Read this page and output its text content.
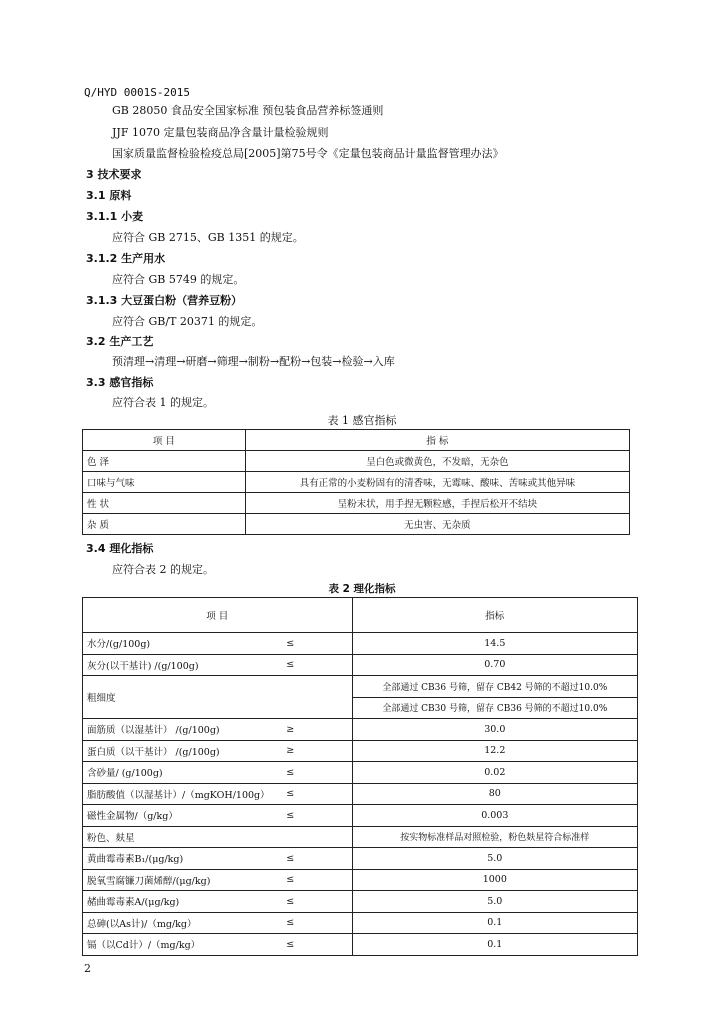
Q/HYD 0001S-2015
GB 28050 食品安全国家标准 预包装食品营养标签通则
JJF 1070 定量包装商品净含量计量检验规则
国家质量监督检验检疫总局[2005]第75号令《定量包装商品计量监督管理办法》
3 技术要求
3.1 原料
3.1.1 小麦
应符合 GB 2715、GB 1351 的规定。
3.1.2 生产用水
应符合 GB 5749 的规定。
3.1.3 大豆蛋白粉（营养豆粉）
应符合 GB/T 20371 的规定。
3.2 生产工艺
预清理→清理→研磨→筛理→制粉→配粉→包装→检验→入库
3.3 感官指标
应符合表 1 的规定。
表 1 感官指标
项 目	指 标
色 泽	呈白色或微黄色，不发暗，无杂色
口味与气味	具有正常的小麦粉固有的清香味，无霉味、酸味、苦味或其他异味
性 状	呈粉末状，用手捏无颗粒感，手捏后松开不结块
杂 质	无虫害、无杂质
3.4 理化指标
应符合表 2 的规定。
表 2 理化指标
项 目		指标
水分/(g/100g)	≤	14.5
灰分(以干基计) /(g/100g)	≤	0.70
粗细度		全部通过 CB36 号筛，留存 CB42 号筛的不超过10.0%
		全部通过 CB30 号筛，留存 CB36 号筛的不超过10.0%
面筋质（以湿基计） /(g/100g)	≥	30.0
蛋白质（以干基计） /(g/100g)	≥	12.2
含砂量/ (g/100g)	≤	0.02
脂肪酸值（以湿基计）/（mgKOH/100g）	≤	80
磁性金属物/（g/kg）	≤	0.003
粉色、麸星		按实物标准样品对照检验，粉色麸星符合标准样
黄曲霉毒素B₁/(μg/kg)	≤	5.0
脱氧雪腐镰刀菌烯醇/(μg/kg)	≤	1000
赭曲霉毒素A/(μg/kg)	≤	5.0
总砷(以As计)/（mg/kg）	≤	0.1
镉（以Cd计）/（mg/kg）	≤	0.1
2
